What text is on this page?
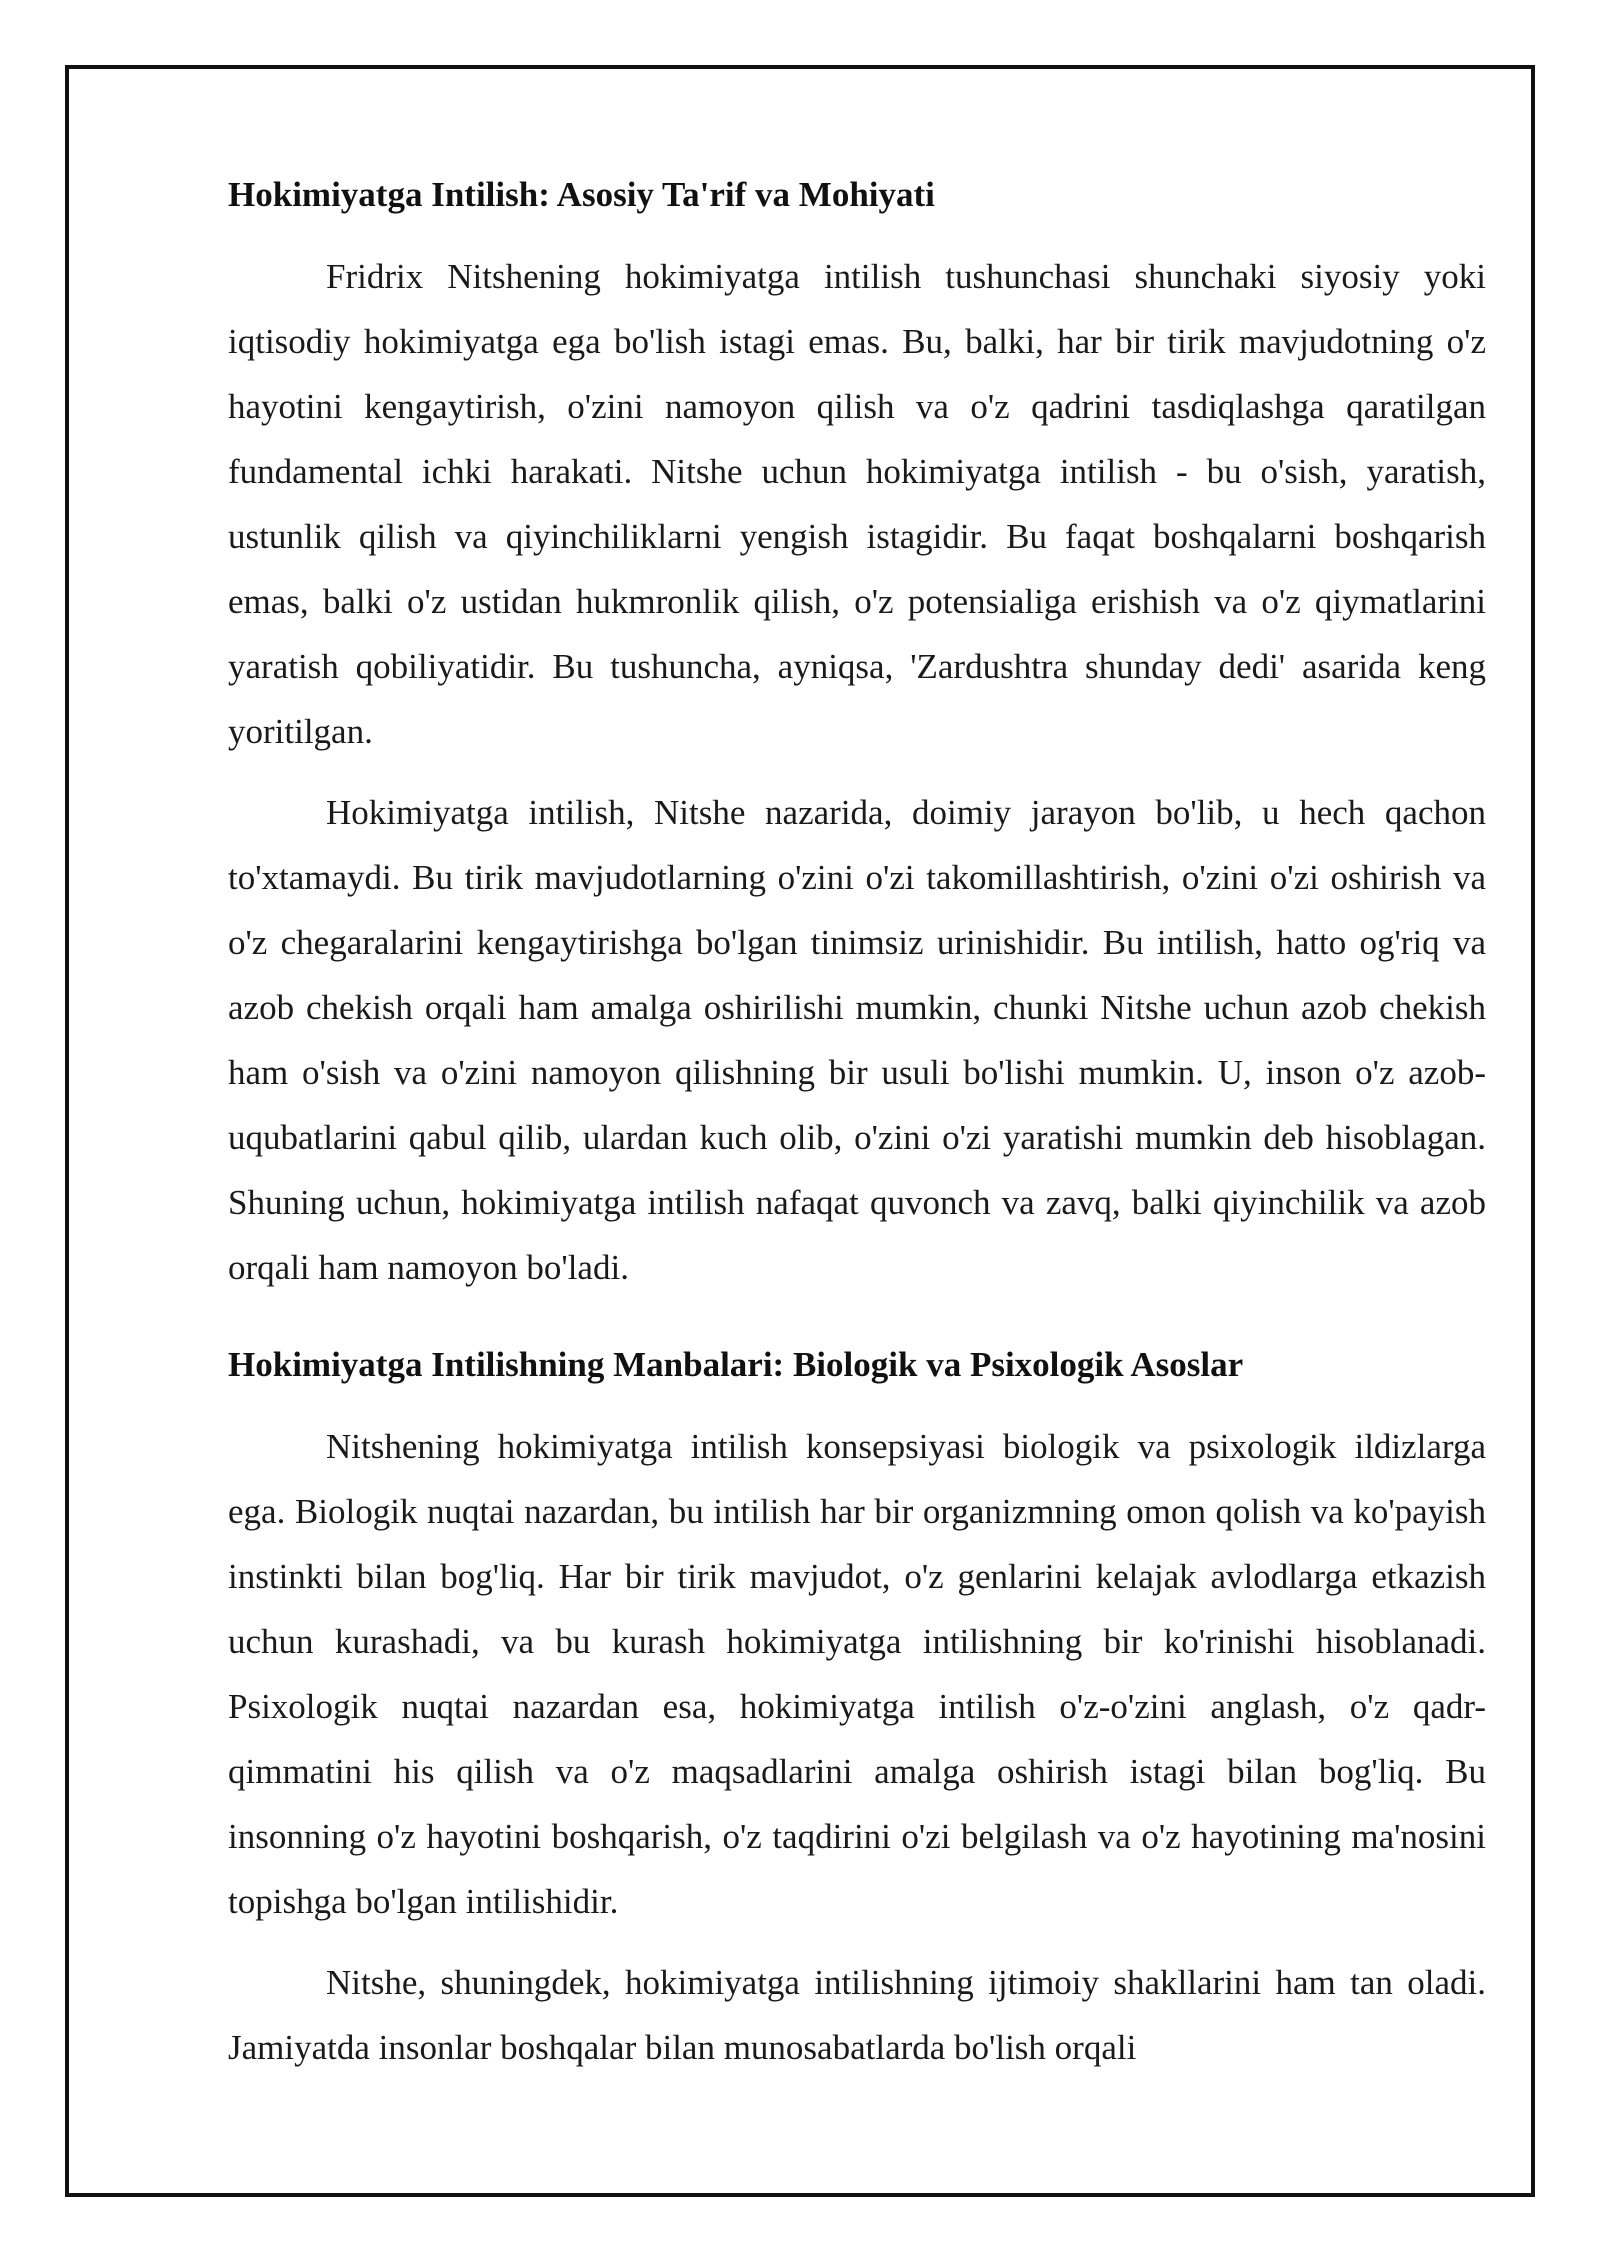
Hokimiyatga Intilish: Asosiy Ta'rif va Mohiyati

Fridrix Nitshening hokimiyatga intilish tushunchasi shunchaki siyosiy yoki iqtisodiy hokimiyatga ega bo'lish istagi emas. Bu, balki, har bir tirik mavjudotning o'z hayotini kengaytirish, o'zini namoyon qilish va o'z qadrini tasdiqlashga qaratilgan fundamental ichki harakati. Nitshe uchun hokimiyatga intilish - bu o'sish, yaratish, ustunlik qilish va qiyinchiliklarni yengish istagidir. Bu faqat boshqalarni boshqarish emas, balki o'z ustidan hukmronlik qilish, o'z potensialiga erishish va o'z qiymatlarini yaratish qobiliyatidir. Bu tushuncha, ayniqsa, 'Zardushtra shunday dedi' asarida keng yoritilgan.

Hokimiyatga intilish, Nitshe nazarida, doimiy jarayon bo'lib, u hech qachon to'xtamaydi. Bu tirik mavjudotlarning o'zini o'zi takomillashtirish, o'zini o'zi oshirish va o'z chegaralarini kengaytirishga bo'lgan tinimsiz urinishidir. Bu intilish, hatto og'riq va azob chekish orqali ham amalga oshirilishi mumkin, chunki Nitshe uchun azob chekish ham o'sish va o'zini namoyon qilishning bir usuli bo'lishi mumkin. U, inson o'z azob-uqubatlarini qabul qilib, ulardan kuch olib, o'zini o'zi yaratishi mumkin deb hisoblagan. Shuning uchun, hokimiyatga intilish nafaqat quvonch va zavq, balki qiyinchilik va azob orqali ham namoyon bo'ladi.

Hokimiyatga Intilishning Manbalari: Biologik va Psixologik Asoslar

Nitshening hokimiyatga intilish konsepsiyasi biologik va psixologik ildizlarga ega. Biologik nuqtai nazardan, bu intilish har bir organizmning omon qolish va ko'payish instinkti bilan bog'liq. Har bir tirik mavjudot, o'z genlarini kelajak avlodlarga etkazish uchun kurashadi, va bu kurash hokimiyatga intilishning bir ko'rinishi hisoblanadi. Psixologik nuqtai nazardan esa, hokimiyatga intilish o'z-o'zini anglash, o'z qadr-qimmatini his qilish va o'z maqsadlarini amalga oshirish istagi bilan bog'liq. Bu insonning o'z hayotini boshqarish, o'z taqdirini o'zi belgilash va o'z hayotining ma'nosini topishga bo'lgan intilishidir.

Nitshe, shuningdek, hokimiyatga intilishning ijtimoiy shakllarini ham tan oladi. Jamiyatda insonlar boshqalar bilan munosabatlarda bo'lish orqali
